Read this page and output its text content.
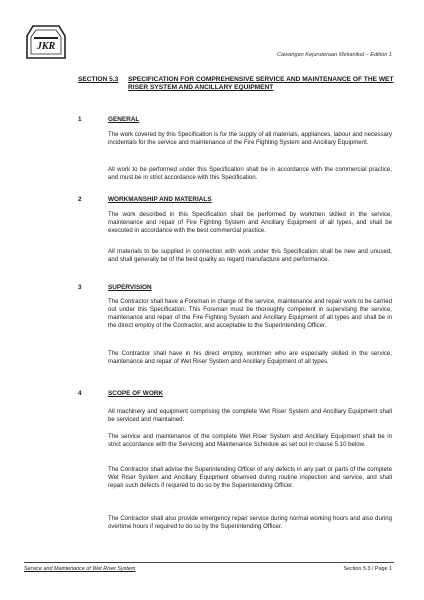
JKR
Cawangan Kejuruteraan Mekanikal – Edition 1
SECTION 5.3 SPECIFICATION FOR COMPREHENSIVE SERVICE AND MAINTENANCE OF THE WET RISER SYSTEM AND ANCILLARY EQUIPMENT
1	GENERAL
The work covered by this Specification is for the supply of all materials, appliances, labour and necessary incidentals for the service and maintenance of the Fire Fighting System and Ancillary Equipment.
All work to be performed under this Specification shall be in accordance with the commercial practice, and must be in strict accordance with this Specification.
2	WORKMANSHIP AND MATERIALS
The work described in this Specification shall be performed by workmen skilled in the service, maintenance and repair of Fire Fighting System and Ancillary Equipment of all types, and shall be executed in accordance with the best commercial practice.
All materials to be supplied in connection with work under this Specification shall be new and unused, and shall generally be of the best quality as regard manufacture and performance.
3	SUPERVISION
The Contractor shall have a Foreman in charge of the service, maintenance and repair work to be carried out under this Specification. This Foreman must be thoroughly competent in supervising the service, maintenance and repair of the Fire Fighting System and Ancillary Equipment of all types and shall be in the direct employ of the Contractor, and acceptable to the Superintending Officer.
The Contractor shall have in his direct employ, workmen who are especially skilled in the service, maintenance and repair of Wet Riser System and Ancillary Equipment of all types.
4	SCOPE OF WORK
All machinery and equipment comprising the complete Wet Riser System and Ancillary Equipment shall be serviced and maintained.
The service and maintenance of the complete Wet Riser System and Ancillary Equipment shall be in strict accordance with the Servicing and Maintenance Schedule as set out in clause 5.10 below.
The Contractor shall advise the Superintending Officer of any defects in any part or parts of the complete Wet Riser System and Ancillary Equipment observed during routine inspection and service, and shall repair such defects if required to do so by the Superintending Officer.
The Contractor shall also provide emergency repair service during normal working hours and also during overtime hours if required to do so by the Superintending Officer.
Service and Maintenance of Wet Riser System	Section 5.3 / Page 1
